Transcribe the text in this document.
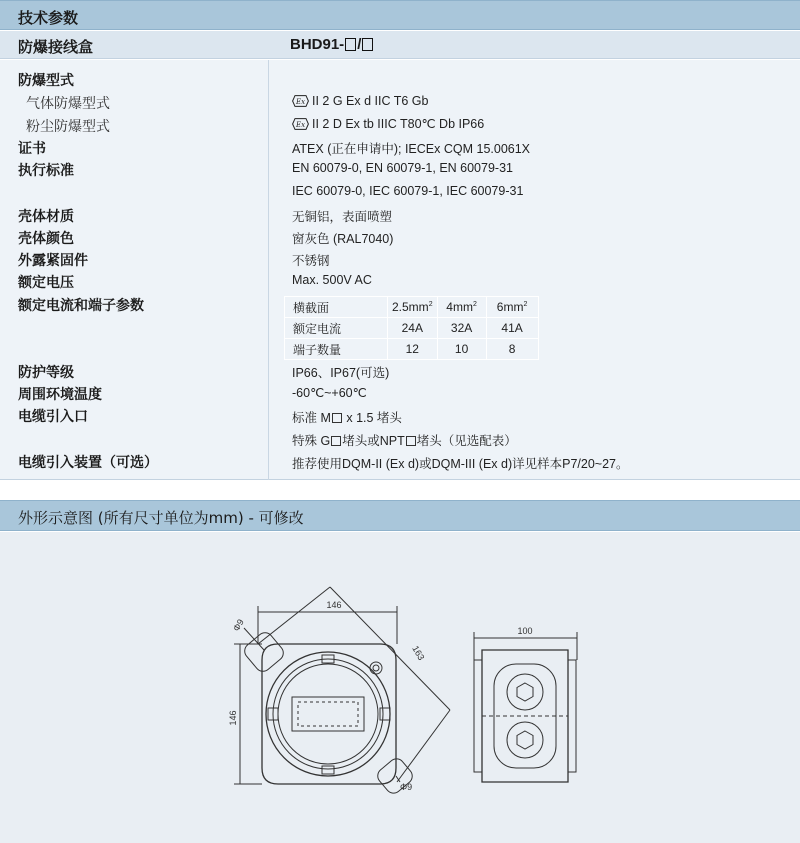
技术参数
防爆接线盒	BHD91- /
防爆型式
气体防爆型式	Ex II 2 G Ex d IIC T6 Gb
粉尘防爆型式	Ex II 2 D Ex tb IIIC T80℃ Db IP66
证书	ATEX (正在申请中); IECEx CQM 15.0061X
执行标准	EN 60079-0, EN 60079-1, EN 60079-31
IEC 60079-0, IEC 60079-1, IEC 60079-31
壳体材质	无铜铝，表面喷塑
壳体颜色	窗灰色 (RAL7040)
外露紧固件	不锈钢
额定电压	Max. 500V AC
额定电流和端子参数	横截面	$2.5mm^2$	$4mm^2$	$6mm^2$
额定电流	24A	32A	41A
端子数量	12	10	8
防护等级	IP66、IP67(可选)
周围环境温度	-60℃~+60℃
电缆引入口	标准 M x 1.5 堵头
特殊 G 堵头或NPT 堵头（见选配表）
电缆引入装置（可选）	推荐使用DQM-II (Ex d)或DQM-III (Ex d)详见样本P7/20~27。
外形示意图 (所有尺寸单位为mm) - 可修改
146
163
146
Φ9
Φ9
100
